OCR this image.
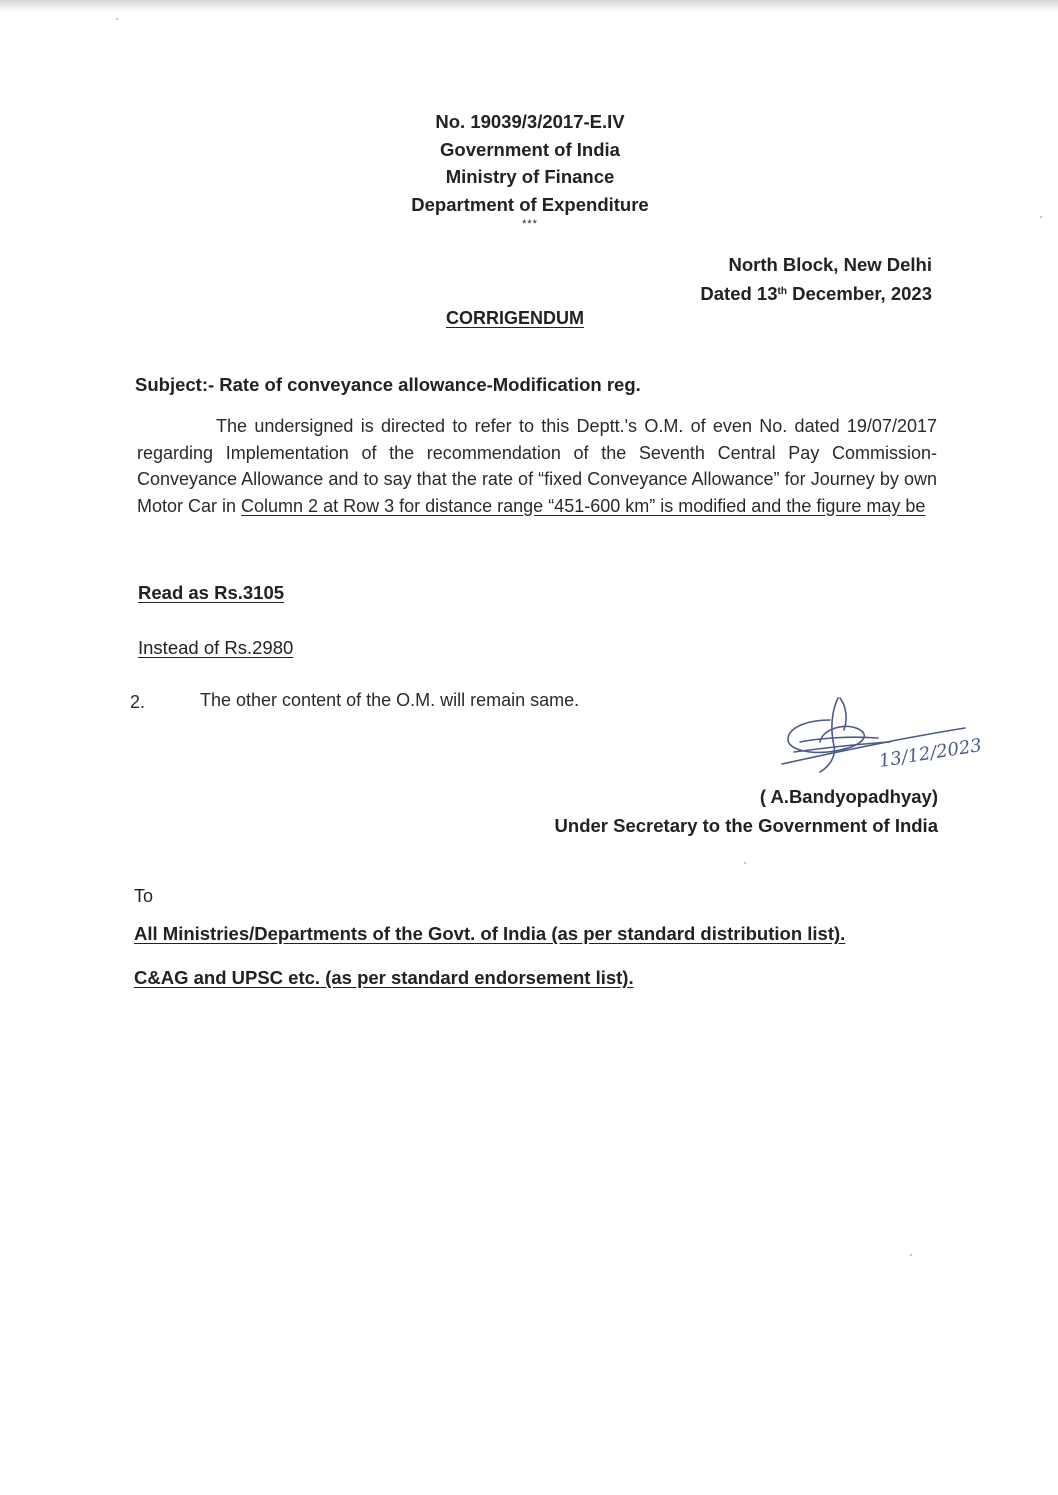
No. 19039/3/2017-E.IV
Government of India
Ministry of Finance
Department of Expenditure
***
North Block, New Delhi
Dated 13th December, 2023
CORRIGENDUM
Subject:- Rate of conveyance allowance-Modification reg.
The undersigned is directed to refer to this Deptt.'s O.M. of even No. dated 19/07/2017 regarding Implementation of the recommendation of the Seventh Central Pay Commission-Conveyance Allowance and to say that the rate of “fixed Conveyance Allowance” for Journey by own Motor Car in Column 2 at Row 3 for distance range “451-600 km” is modified and the figure may be
Read as Rs.3105
Instead of Rs.2980
2.	The other content of the O.M. will remain same.
13/12/2023
( A.Bandyopadhyay)
Under Secretary to the Government of India
To
All Ministries/Departments of the Govt. of India (as per standard distribution list).
C&AG and UPSC etc. (as per standard endorsement list).
